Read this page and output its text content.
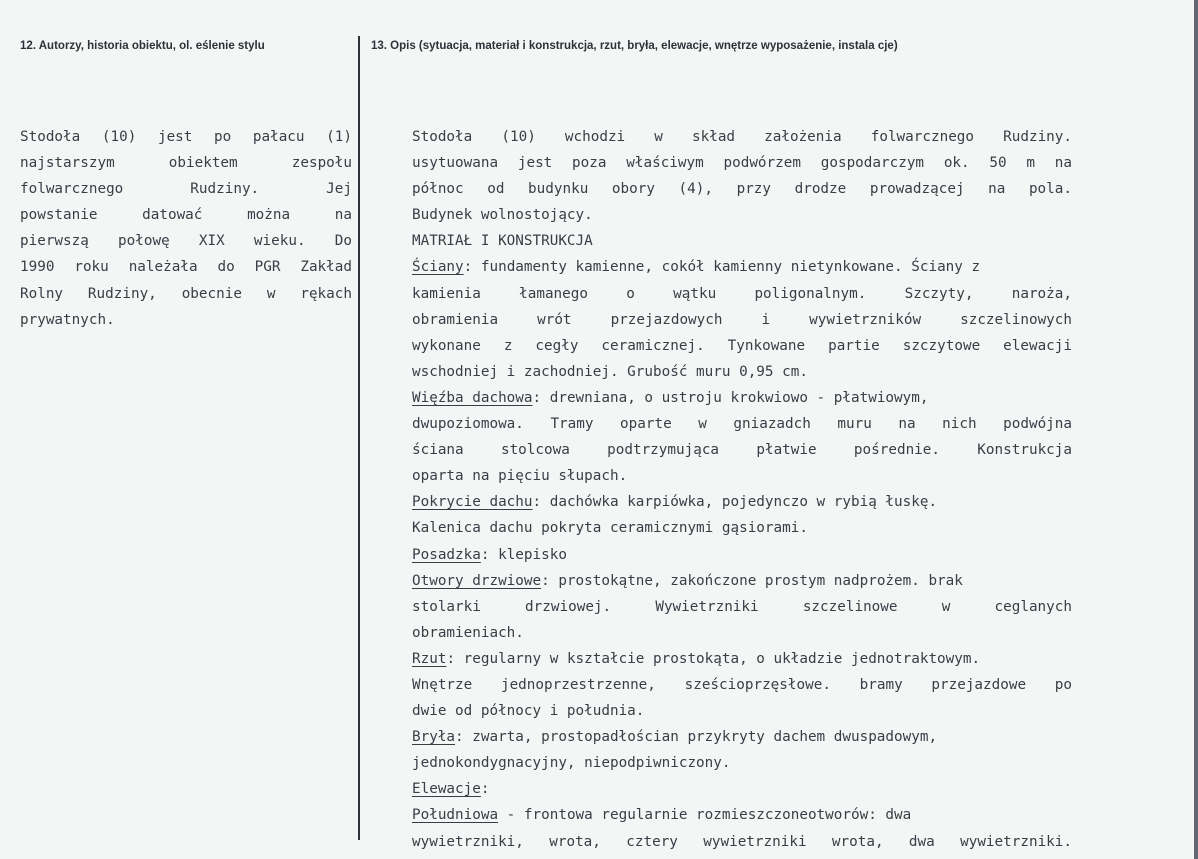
12. Autorzy, historia obiektu, ol. eślenie stylu	13. Opis (sytuacja, materiał i konstrukcja, rzut, bryła, elewacje, wnętrze wyposażenie, instala cje)
Stodoła (10) jest po pałacu (1)
najstarszym obiektem zespołu
folwarcznego Rudziny. Jej
powstanie datować można na
pierwszą połowę XIX wieku. Do
1990 roku należała do PGR Zakład
Rolny Rudziny, obecnie w rękach
prywatnych.
Stodoła (10) wchodzi w skład założenia folwarcznego Rudziny.
usytuowana jest poza właściwym podwórzem gospodarczym ok. 50 m na
północ od budynku obory (4), przy drodze prowadzącej na pola.
Budynek wolnostojący.
MATRIAŁ I KONSTRUKCJA
Ściany: fundamenty kamienne, cokół kamienny nietynkowane. Ściany z
kamienia łamanego o wątku poligonalnym. Szczyty, naroża,
obramienia wrót przejazdowych i wywietrzników szczelinowych
wykonane z cegły ceramicznej. Tynkowane partie szczytowe elewacji
wschodniej i zachodniej. Grubość muru 0,95 cm.
Więźba dachowa: drewniana, o ustroju krokwiowo - płatwiowym,
dwupoziomowa. Tramy oparte w gniazadch muru na nich podwójna
ściana stolcowa podtrzymująca płatwie pośrednie. Konstrukcja
oparta na pięciu słupach.
Pokrycie dachu: dachówka karpiówka, pojedynczo w rybią łuskę.
Kalenica dachu pokryta ceramicznymi gąsiorami.
Posadzka: klepisko
Otwory drzwiowe: prostokątne, zakończone prostym nadprożem. brak
stolarki drzwiowej. Wywietrzniki szczelinowe w ceglanych
obramieniach.
Rzut: regularny w kształcie prostokąta, o układzie jednotraktowym.
Wnętrze jednoprzestrzenne, sześcioprzęsłowe. bramy przejazdowe po
dwie od północy i południa.
Bryła: zwarta, prostopadłościan przykryty dachem dwuspadowym,
jednokondygnacyjny, niepodpiwniczony.
Elewacje:
Południowa - frontowa regularnie rozmieszczoneotworów: dwa
wywietrzniki, wrota, cztery wywietrzniki wrota, dwa wywietrzniki.
